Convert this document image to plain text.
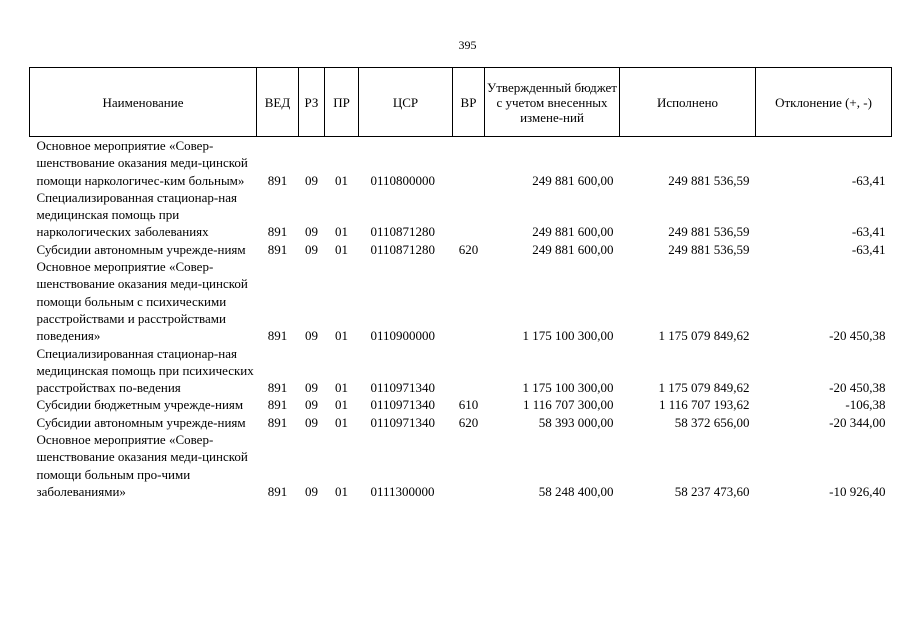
395
Наименование	ВЕД	РЗ	ПР	ЦСР	ВР	Утвержденный бюджет с учетом внесенных измене-ний	Исполнено	Отклонение (+, -)
Основное мероприятие «Совер-шенствование оказания меди-цинской помощи наркологичес-ким больным»	891	09	01	0110800000		249 881 600,00	249 881 536,59	-63,41
Специализированная стационар-ная медицинская помощь при наркологических заболеваниях	891	09	01	0110871280		249 881 600,00	249 881 536,59	-63,41
Субсидии автономным учрежде-ниям	891	09	01	0110871280	620	249 881 600,00	249 881 536,59	-63,41
Основное мероприятие «Совер-шенствование оказания меди-цинской помощи больным с психическими расстройствами и расстройствами поведения»	891	09	01	0110900000		1 175 100 300,00	1 175 079 849,62	-20 450,38
Специализированная стационар-ная медицинская помощь при психических расстройствах по-ведения	891	09	01	0110971340		1 175 100 300,00	1 175 079 849,62	-20 450,38
Субсидии бюджетным учрежде-ниям	891	09	01	0110971340	610	1 116 707 300,00	1 116 707 193,62	-106,38
Субсидии автономным учрежде-ниям	891	09	01	0110971340	620	58 393 000,00	58 372 656,00	-20 344,00
Основное мероприятие «Совер-шенствование оказания меди-цинской помощи больным про-чими заболеваниями»	891	09	01	0111300000		58 248 400,00	58 237 473,60	-10 926,40
